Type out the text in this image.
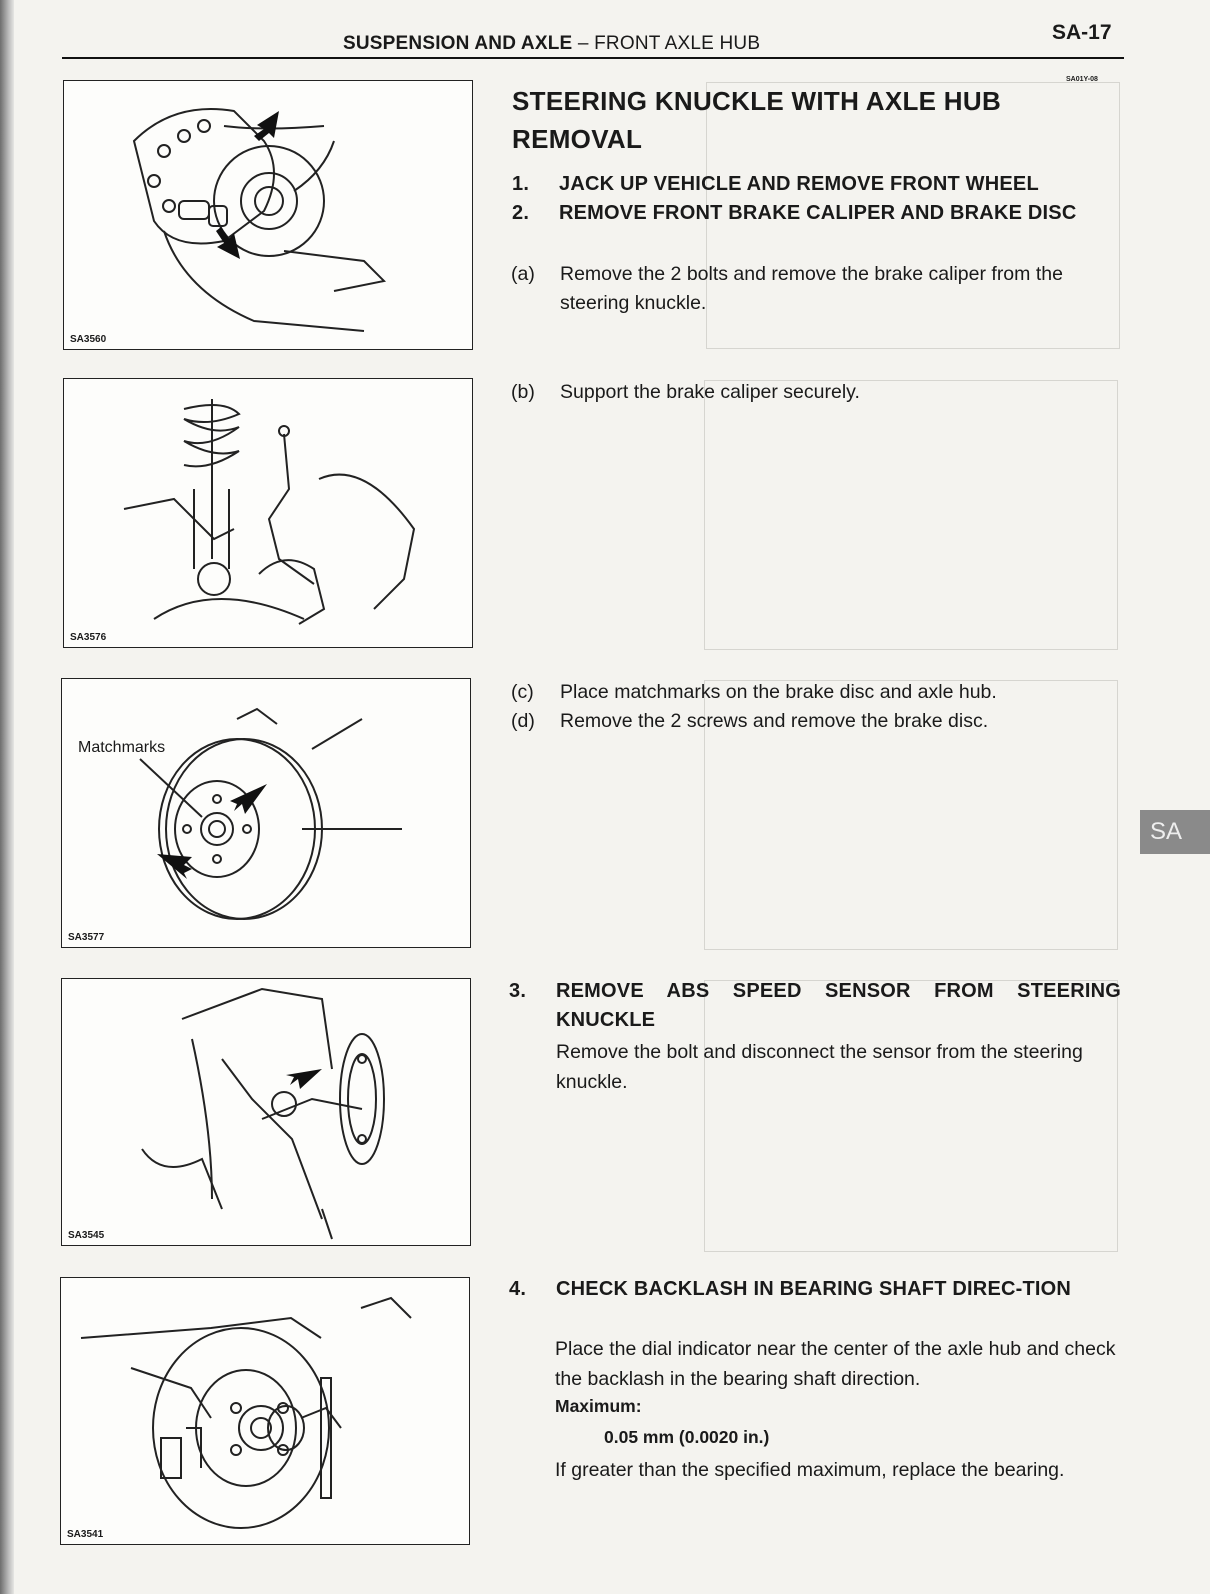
SUSPENSION AND AXLE – FRONT AXLE HUB	SA-17
SA01Y-08
SA3560
SA3576
Matchmarks
SA3577
SA3545
SA3541
STEERING KNUCKLE WITH AXLE HUB REMOVAL
1. JACK UP VEHICLE AND REMOVE FRONT WHEEL
2. REMOVE FRONT BRAKE CALIPER AND BRAKE DISC
(a) Remove the 2 bolts and remove the brake caliper from the steering knuckle.
(b) Support the brake caliper securely.
(c) Place matchmarks on the brake disc and axle hub.
(d) Remove the 2 screws and remove the brake disc.
3. REMOVE ABS SPEED SENSOR FROM STEERING KNUCKLE
Remove the bolt and disconnect the sensor from the steering knuckle.
4. CHECK BACKLASH IN BEARING SHAFT DIREC-TION
Place the dial indicator near the center of the axle hub and check the backlash in the bearing shaft direction.
Maximum:
0.05 mm (0.0020 in.)
If greater than the specified maximum, replace the bearing.
SA
